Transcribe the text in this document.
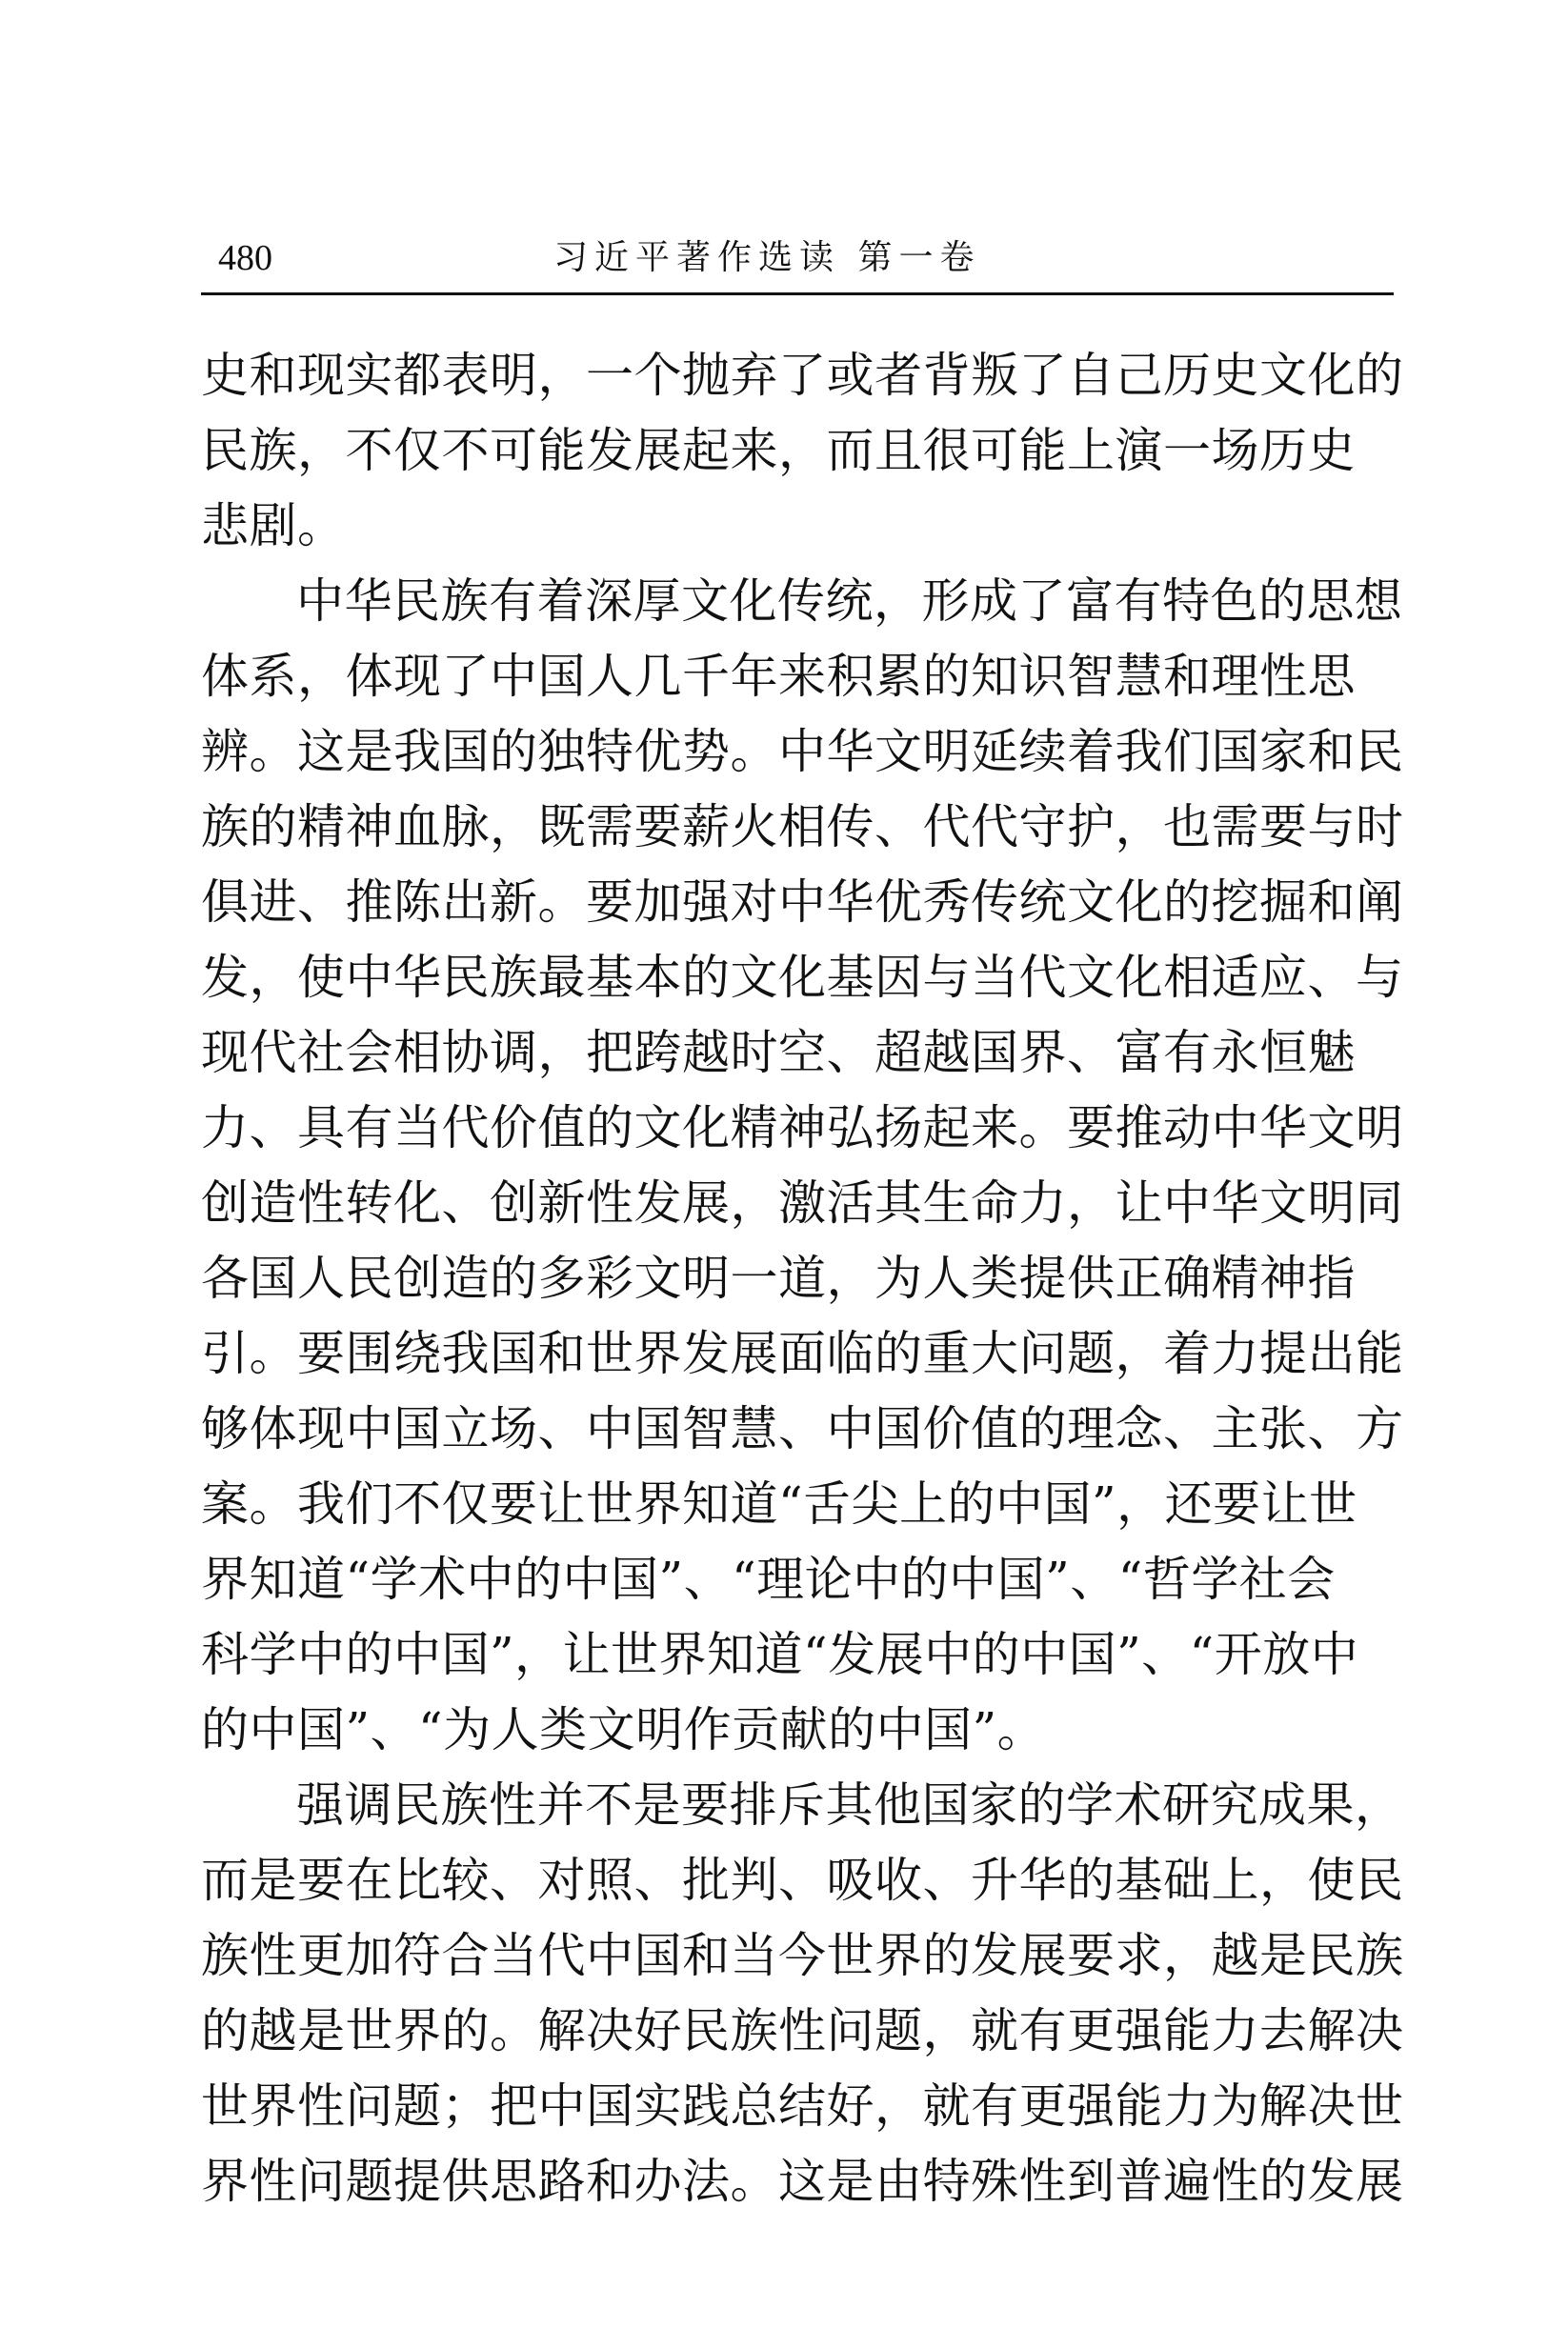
480	习近平著作选读 第一卷
史和现实都表明，一个抛弃了或者背叛了自己历史文化的
民族，不仅不可能发展起来，而且很可能上演一场历史
悲剧。
中华民族有着深厚文化传统，形成了富有特色的思想
体系，体现了中国人几千年来积累的知识智慧和理性思
辨。这是我国的独特优势。中华文明延续着我们国家和民
族的精神血脉，既需要薪火相传、代代守护，也需要与时
俱进、推陈出新。要加强对中华优秀传统文化的挖掘和阐
发，使中华民族最基本的文化基因与当代文化相适应、与
现代社会相协调，把跨越时空、超越国界、富有永恒魅
力、具有当代价值的文化精神弘扬起来。要推动中华文明
创造性转化、创新性发展，激活其生命力，让中华文明同
各国人民创造的多彩文明一道，为人类提供正确精神指
引。要围绕我国和世界发展面临的重大问题，着力提出能
够体现中国立场、中国智慧、中国价值的理念、主张、方
案。我们不仅要让世界知道“舌尖上的中国”，还要让世
界知道“学术中的中国”、“理论中的中国”、“哲学社会
科学中的中国”，让世界知道“发展中的中国”、“开放中
的中国”、“为人类文明作贡献的中国”。
强调民族性并不是要排斥其他国家的学术研究成果，
而是要在比较、对照、批判、吸收、升华的基础上，使民
族性更加符合当代中国和当今世界的发展要求，越是民族
的越是世界的。解决好民族性问题，就有更强能力去解决
世界性问题；把中国实践总结好，就有更强能力为解决世
界性问题提供思路和办法。这是由特殊性到普遍性的发展
